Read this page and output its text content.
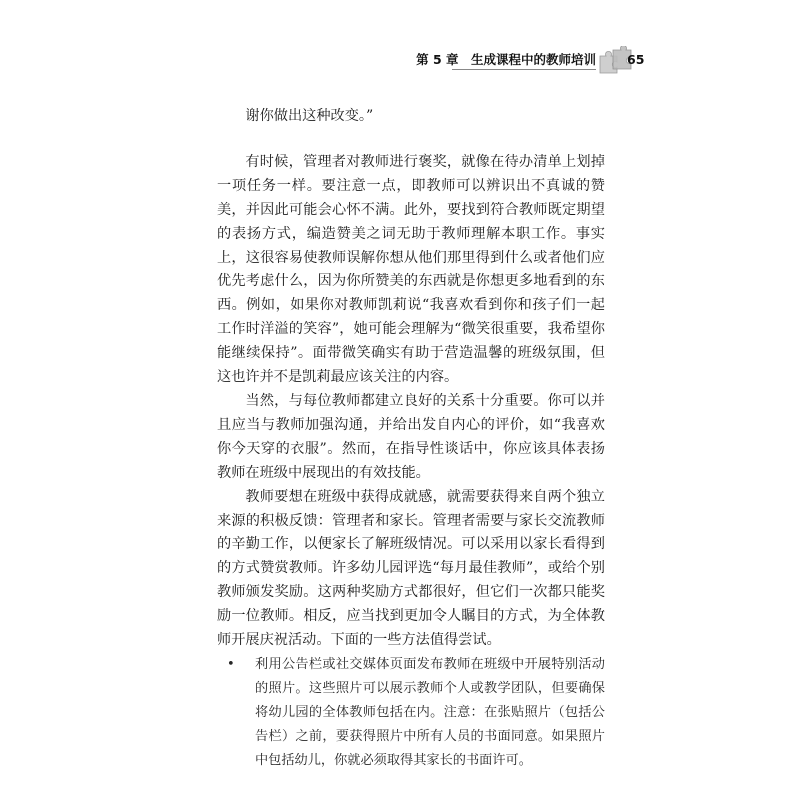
第 5 章　生成课程中的教师培训 65

谢你做出这种改变。”

有时候，管理者对教师进行褒奖，就像在待办清单上划掉一项任务一样。要注意一点，即教师可以辨识出不真诚的赞美，并因此可能会心怀不满。此外，要找到符合教师既定期望的表扬方式，编造赞美之词无助于教师理解本职工作。事实上，这很容易使教师误解你想从他们那里得到什么或者他们应优先考虑什么，因为你所赞美的东西就是你想更多地看到的东西。例如，如果你对教师凯莉说“我喜欢看到你和孩子们一起工作时洋溢的笑容”，她可能会理解为“微笑很重要，我希望你能继续保持”。面带微笑确实有助于营造温馨的班级氛围，但这也许并不是凯莉最应该关注的内容。

当然，与每位教师都建立良好的关系十分重要。你可以并且应当与教师加强沟通，并给出发自内心的评价，如“我喜欢你今天穿的衣服”。然而，在指导性谈话中，你应该具体表扬教师在班级中展现出的有效技能。

教师要想在班级中获得成就感，就需要获得来自两个独立来源的积极反馈：管理者和家长。管理者需要与家长交流教师的辛勤工作，以便家长了解班级情况。可以采用以家长看得到的方式赞赏教师。许多幼儿园评选“每月最佳教师”，或给个别教师颁发奖励。这两种奖励方式都很好，但它们一次都只能奖励一位教师。相反，应当找到更加令人瞩目的方式，为全体教师开展庆祝活动。下面的一些方法值得尝试。

• 利用公告栏或社交媒体页面发布教师在班级中开展特别活动的照片。这些照片可以展示教师个人或教学团队，但要确保将幼儿园的全体教师包括在内。注意：在张贴照片（包括公告栏）之前，要获得照片中所有人员的书面同意。如果照片中包括幼儿，你就必须取得其家长的书面许可。
